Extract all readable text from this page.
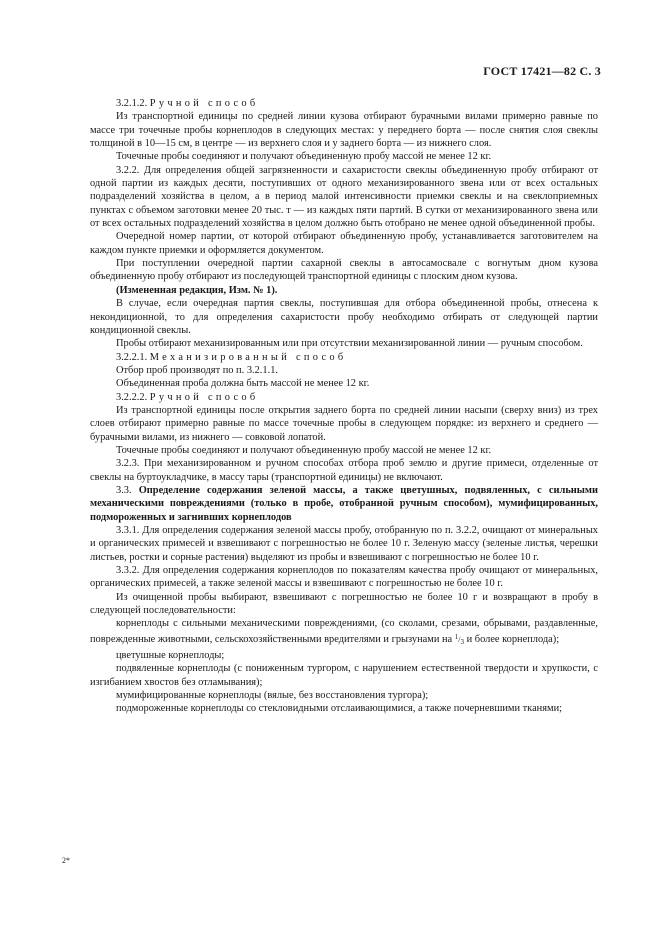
ГОСТ 17421—82 С. 3

3.2.1.2. Ручной способ

Из транспортной единицы по средней линии кузова отбирают бурачными вилами примерно равные по массе три точечные пробы корнеплодов в следующих местах: у переднего борта — после снятия слоя свеклы толщиной в 10—15 см, в центре — из верхнего слоя и у заднего борта — из нижнего слоя.

Точечные пробы соединяют и получают объединенную пробу массой не менее 12 кг.

3.2.2. Для определения общей загрязненности и сахаристости свеклы объединенную пробу отбирают от одной партии из каждых десяти, поступивших от одного механизированного звена или от всех остальных подразделений хозяйства в целом, а в период малой интенсивности приемки свеклы и на свеклоприемных пунктах с объемом заготовки менее 20 тыс. т — из каждых пяти партий. В сутки от механизированного звена или от всех остальных подразделений хозяйства в целом должно быть отобрано не менее одной объединенной пробы.

Очередной номер партии, от которой отбирают объединенную пробу, устанавливается заготовителем на каждом пункте приемки и оформляется документом.

При поступлении очередной партии сахарной свеклы в автосамосвале с вогнутым дном кузова объединенную пробу отбирают из последующей транспортной единицы с плоским дном кузова.

(Измененная редакция, Изм. № 1).

В случае, если очередная партия свеклы, поступившая для отбора объединенной пробы, отнесена к некондиционной, то для определения сахаристости пробу необходимо отбирать от следующей партии кондиционной свеклы.

Пробы отбирают механизированным или при отсутствии механизированной линии — ручным способом.

3.2.2.1. Механизированный способ

Отбор проб производят по п. 3.2.1.1.

Объединенная проба должна быть массой не менее 12 кг.

3.2.2.2. Ручной способ

Из транспортной единицы после открытия заднего борта по средней линии насыпи (сверху вниз) из трех слоев отбирают примерно равные по массе точечные пробы в следующем порядке: из верхнего и среднего — бурачными вилами, из нижнего — совковой лопатой.

Точечные пробы соединяют и получают объединенную пробу массой не менее 12 кг.

3.2.3. При механизированном и ручном способах отбора проб землю и другие примеси, отделенные от свеклы на буртоукладчике, в массу тары (транспортной единицы) не включают.

3.3. Определение содержания зеленой массы, а также цветушных, подвяленных, с сильными механическими повреждениями (только в пробе, отобранной ручным способом), мумифицированных, подмороженных и загнивших корнеплодов

3.3.1. Для определения содержания зеленой массы пробу, отобранную по п. 3.2.2, очищают от минеральных и органических примесей и взвешивают с погрешностью не более 10 г. Зеленую массу (зеленые листья, черешки листьев, ростки и сорные растения) выделяют из пробы и взвешивают с погрешностью не более 10 г.

3.3.2. Для определения содержания корнеплодов по показателям качества пробу очищают от минеральных, органических примесей, а также зеленой массы и взвешивают с погрешностью не более 10 г.

Из очищенной пробы выбирают, взвешивают с погрешностью не более 10 г и возвращают в пробу в следующей последовательности:

корнеплоды с сильными механическими повреждениями, (со сколами, срезами, обрывами, раздавленные, поврежденные животными, сельскохозяйственными вредителями и грызунами на $^1/_3$ и более корнеплода);

цветушные корнеплоды;

подвяленные корнеплоды (с пониженным тургором, с нарушением естественной твердости и хрупкости, с изгибанием хвостов без отламывания);

мумифицированные корнеплоды (вялые, без восстановления тургора);

подмороженные корнеплоды со стекловидными отслаивающимися, а также почерневшими тканями;

2*
